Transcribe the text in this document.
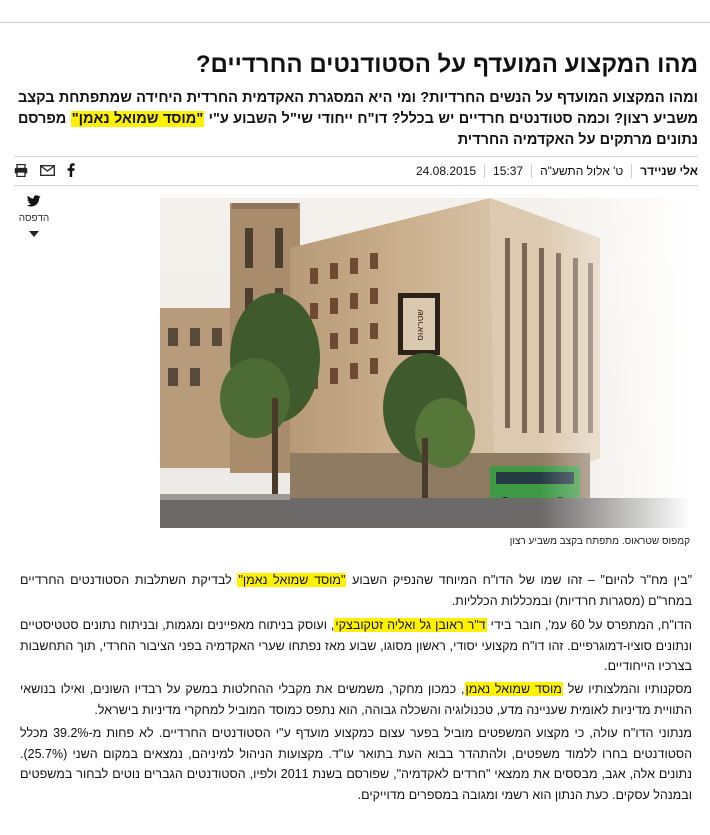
מהו המקצוע המועדף על הסטודנטים החרדיים?
ומהו המקצוע המועדף על הנשים החרדיות? ומי היא המסגרת האקדמית החרדית היחידה שמתפתחת בקצב משביע רצון? וכמה סטודנטים חרדיים יש בכלל? דו"ח ייחודי שי"ל השבוע ע"י "מוסד שמואל נאמן" מפרסם נתונים מרתקים על האקדמיה החרדית
אלי שניידר
ט' אלול התשע"ה
15:37
24.08.2015
הדפסה
שטראוס
קמפוס שטראוס. מתפתח בקצב משביע רצון

"בין מח"ר להיום" – זהו שמו של הדו"ח המיוחד שהנפיק השבוע "מוסד שמואל נאמן" לבדיקת השתלבות הסטודנטים החרדיים במחר"ם (מסגרות חרדיות) ובמכללות הכלליות.

הדו"ח, המתפרס על 60 עמ', חובר בידי ד"ר ראובן גל ואליה זטקובצקי, ועוסק בניתוח מאפיינים ומגמות, ובניתוח נתונים סטטיסטיים ונתונים סוציו-דמוגרפיים. זהו דו"ח מקצועי יסודי, ראשון מסוגו, שבוע מאז נפתחו שערי האקדמיה בפני הציבור החרדי, תוך התחשבות בצרכיו הייחודיים.

מסקנותיו והמלצותיו של מוסד שמואל נאמן, כמכון מחקר, משמשים את מקבלי ההחלטות במשק על רבדיו השונים, ואילו בנושאי התוויית מדיניות לאומית שעניינה מדע, טכנולוגיה והשכלה גבוהה, הוא נתפס כמוסד המוביל למחקרי מדיניות בישראל.

מנתוני הדו"ח עולה, כי מקצוע המשפטים מוביל בפער עצום כמקצוע מועדף ע"י הסטודנטים החרדיים. לא פחות מ-39.2% מכלל הסטודנטים בחרו ללמוד משפטים, ולהתהדר בבוא העת בתואר עו"ד. מקצועות הניהול למיניהם, נמצאים במקום השני (25.7%). נתונים אלה, אגב, מבססים את ממצאי "חרדים לאקדמיה", שפורסם בשנת 2011 ולפיו, הסטודנטים הגברים נוטים לבחור במשפטים ובמנהל עסקים. כעת הנתון הוא רשמי ומגובה במספרים מדוייקים.
